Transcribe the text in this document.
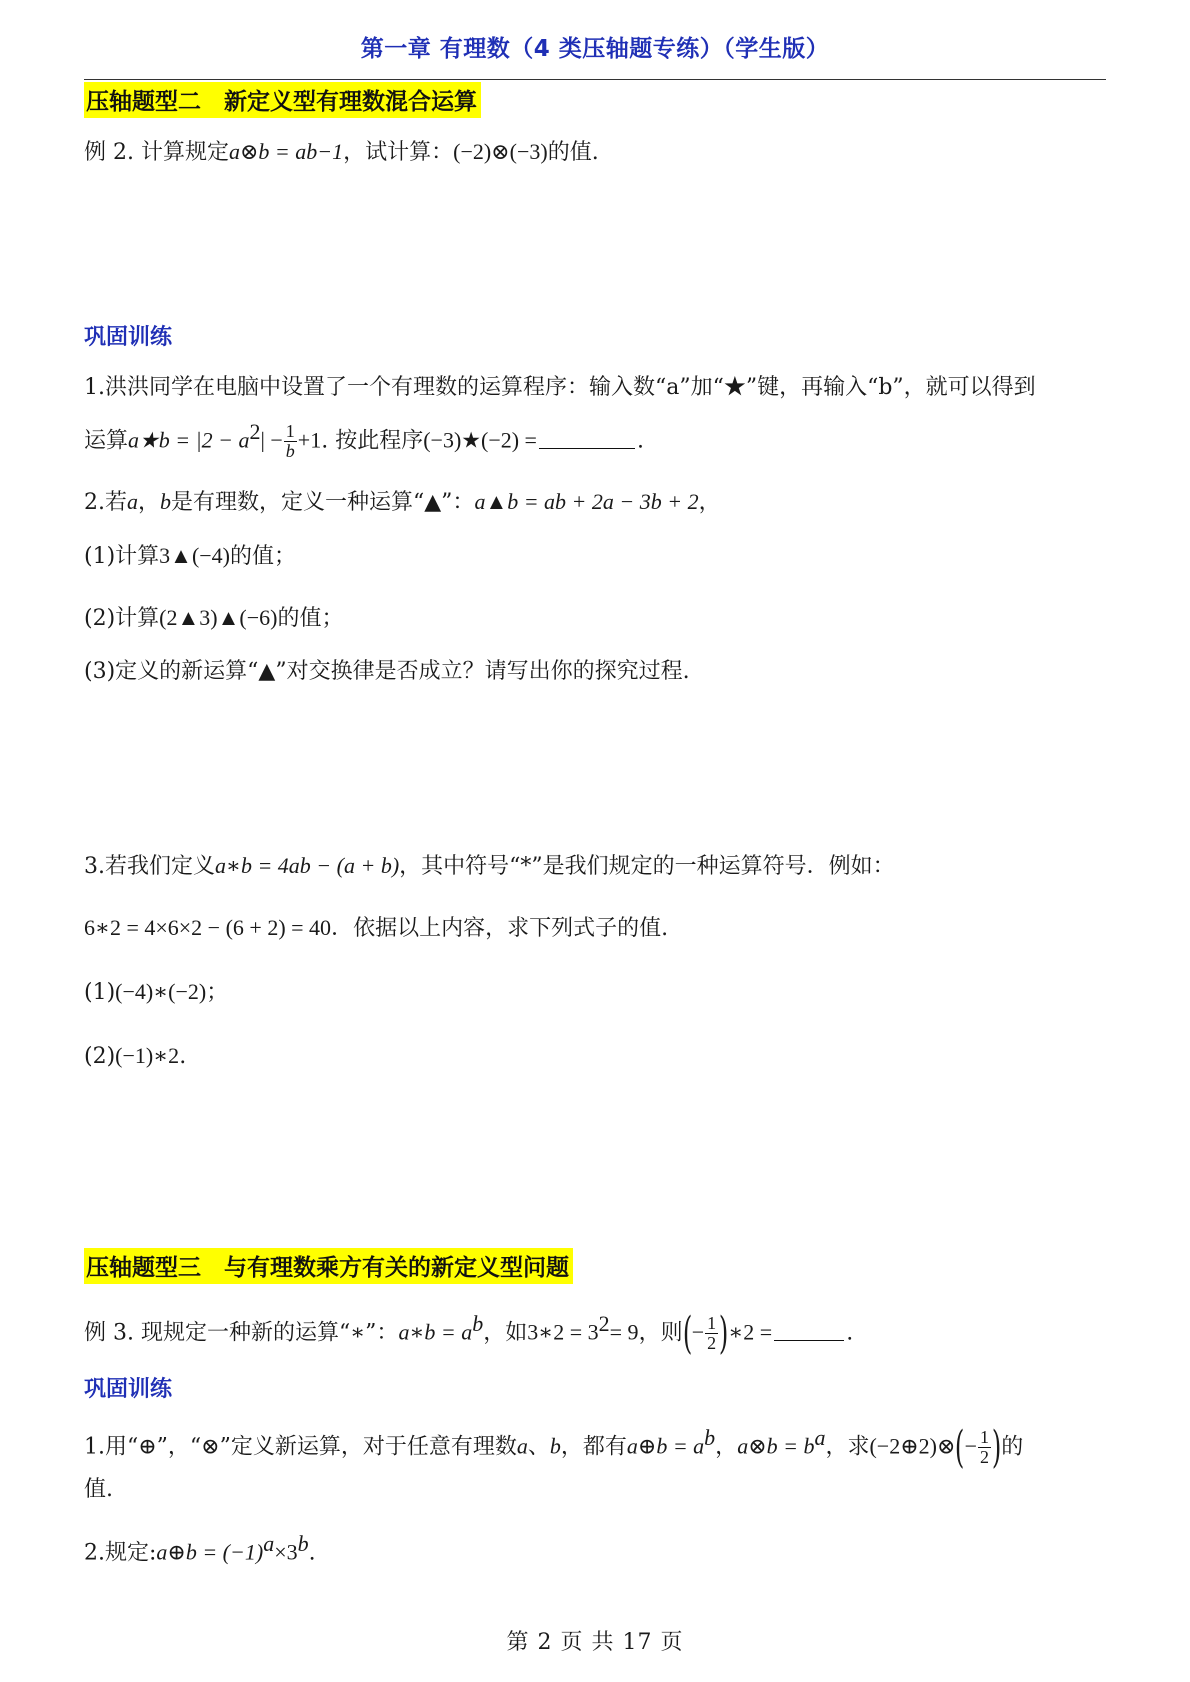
第一章 有理数（4 类压轴题专练）（学生版）
压轴题型二　新定义型有理数混合运算
例 2. 计算规定a⊗b = ab−1，试计算：(−2)⊗(−3)的值.
巩固训练
1.洪洪同学在电脑中设置了一个有理数的运算程序：输入数“a”加“★”键，再输入“b”，就可以得到
运算a★b = $|2 - a^2| - \frac{1}{b} +1$. 按此程序(−3)★(−2) =	.
2.若a，b是有理数，定义一种运算“▲”：a▲b = ab + 2a − 3b + 2，
(1)计算3▲(−4)的值；
(2)计算(2▲3)▲(−6)的值；
(3)定义的新运算“▲”对交换律是否成立？请写出你的探究过程.
3.若我们定义a∗b = 4ab − (a + b)，其中符号“*”是我们规定的一种运算符号．例如：
6∗2 = 4×6×2 − (6 + 2) = 40．依据以上内容，求下列式子的值.
(1)(−4)∗(−2)；
(2)(−1)∗2.
压轴题型三　与有理数乘方有关的新定义型问题
例 3. 现规定一种新的运算“∗”：a∗b = $a^b$，如3∗2 = $3^2= 9$，则(− $\frac{1}{2}$ )∗2 =	.
巩固训练
1.用“⊕”，“⊗”定义新运算，对于任意有理数a、b，都有a⊕b = $a^b$，a⊗b = $b^a$，求(−2⊕2)⊗(− $\frac{1}{2}$ )的
值.
2.规定:a⊕b = $(-1)^a\times 3^b$.
第 2 页 共 17 页
